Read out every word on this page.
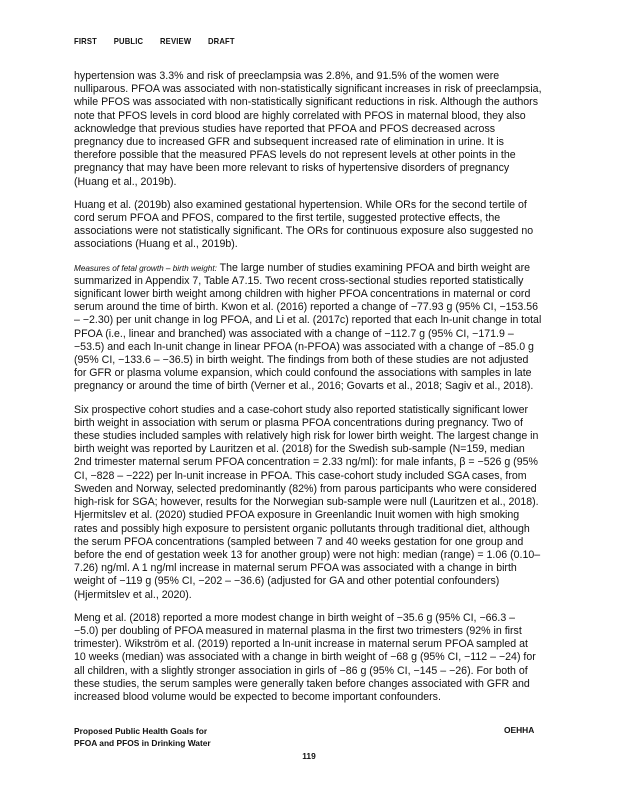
FIRST PUBLIC REVIEW DRAFT

hypertension was 3.3% and risk of preeclampsia was 2.8%, and 91.5% of the women were nulliparous. PFOA was associated with non-statistically significant increases in risk of preeclampsia, while PFOS was associated with non-statistically significant reductions in risk. Although the authors note that PFOS levels in cord blood are highly correlated with PFOS in maternal blood, they also acknowledge that previous studies have reported that PFOA and PFOS decreased across pregnancy due to increased GFR and subsequent increased rate of elimination in urine. It is therefore possible that the measured PFAS levels do not represent levels at other points in the pregnancy that may have been more relevant to risks of hypertensive disorders of pregnancy (Huang et al., 2019b).

Huang et al. (2019b) also examined gestational hypertension. While ORs for the second tertile of cord serum PFOA and PFOS, compared to the first tertile, suggested protective effects, the associations were not statistically significant. The ORs for continuous exposure also suggested no associations (Huang et al., 2019b).

Measures of fetal growth – birth weight: The large number of studies examining PFOA and birth weight are summarized in Appendix 7, Table A7.15. Two recent cross-sectional studies reported statistically significant lower birth weight among children with higher PFOA concentrations in maternal or cord serum around the time of birth. Kwon et al. (2016) reported a change of −77.93 g (95% CI, −153.56 – −2.30) per unit change in log PFOA, and Li et al. (2017c) reported that each ln-unit change in total PFOA (i.e., linear and branched) was associated with a change of −112.7 g (95% CI, −171.9 – −53.5) and each ln-unit change in linear PFOA (n-PFOA) was associated with a change of −85.0 g (95% CI, −133.6 – −36.5) in birth weight. The findings from both of these studies are not adjusted for GFR or plasma volume expansion, which could confound the associations with samples in late pregnancy or around the time of birth (Verner et al., 2016; Govarts et al., 2018; Sagiv et al., 2018).

Six prospective cohort studies and a case-cohort study also reported statistically significant lower birth weight in association with serum or plasma PFOA concentrations during pregnancy. Two of these studies included samples with relatively high risk for lower birth weight. The largest change in birth weight was reported by Lauritzen et al. (2018) for the Swedish sub-sample (N=159, median 2nd trimester maternal serum PFOA concentration = 2.33 ng/ml): for male infants, β = −526 g (95% CI, −828 – −222) per ln-unit increase in PFOA. This case-cohort study included SGA cases, from Sweden and Norway, selected predominantly (82%) from parous participants who were considered high-risk for SGA; however, results for the Norwegian sub-sample were null (Lauritzen et al., 2018). Hjermitslev et al. (2020) studied PFOA exposure in Greenlandic Inuit women with high smoking rates and possibly high exposure to persistent organic pollutants through traditional diet, although the serum PFOA concentrations (sampled between 7 and 40 weeks gestation for one group and before the end of gestation week 13 for another group) were not high: median (range) = 1.06 (0.10–7.26) ng/ml. A 1 ng/ml increase in maternal serum PFOA was associated with a change in birth weight of −119 g (95% CI, −202 – −36.6) (adjusted for GA and other potential confounders) (Hjermitslev et al., 2020).

Meng et al. (2018) reported a more modest change in birth weight of −35.6 g (95% CI, −66.3 – −5.0) per doubling of PFOA measured in maternal plasma in the first two trimesters (92% in first trimester). Wikström et al. (2019) reported a ln-unit increase in maternal serum PFOA sampled at 10 weeks (median) was associated with a change in birth weight of −68 g (95% CI, −112 – −24) for all children, with a slightly stronger association in girls of −86 g (95% CI, −145 – −26). For both of these studies, the serum samples were generally taken before changes associated with GFR and increased blood volume would be expected to become important confounders.

Proposed Public Health Goals for
PFOA and PFOS in Drinking Water
OEHHA
119
